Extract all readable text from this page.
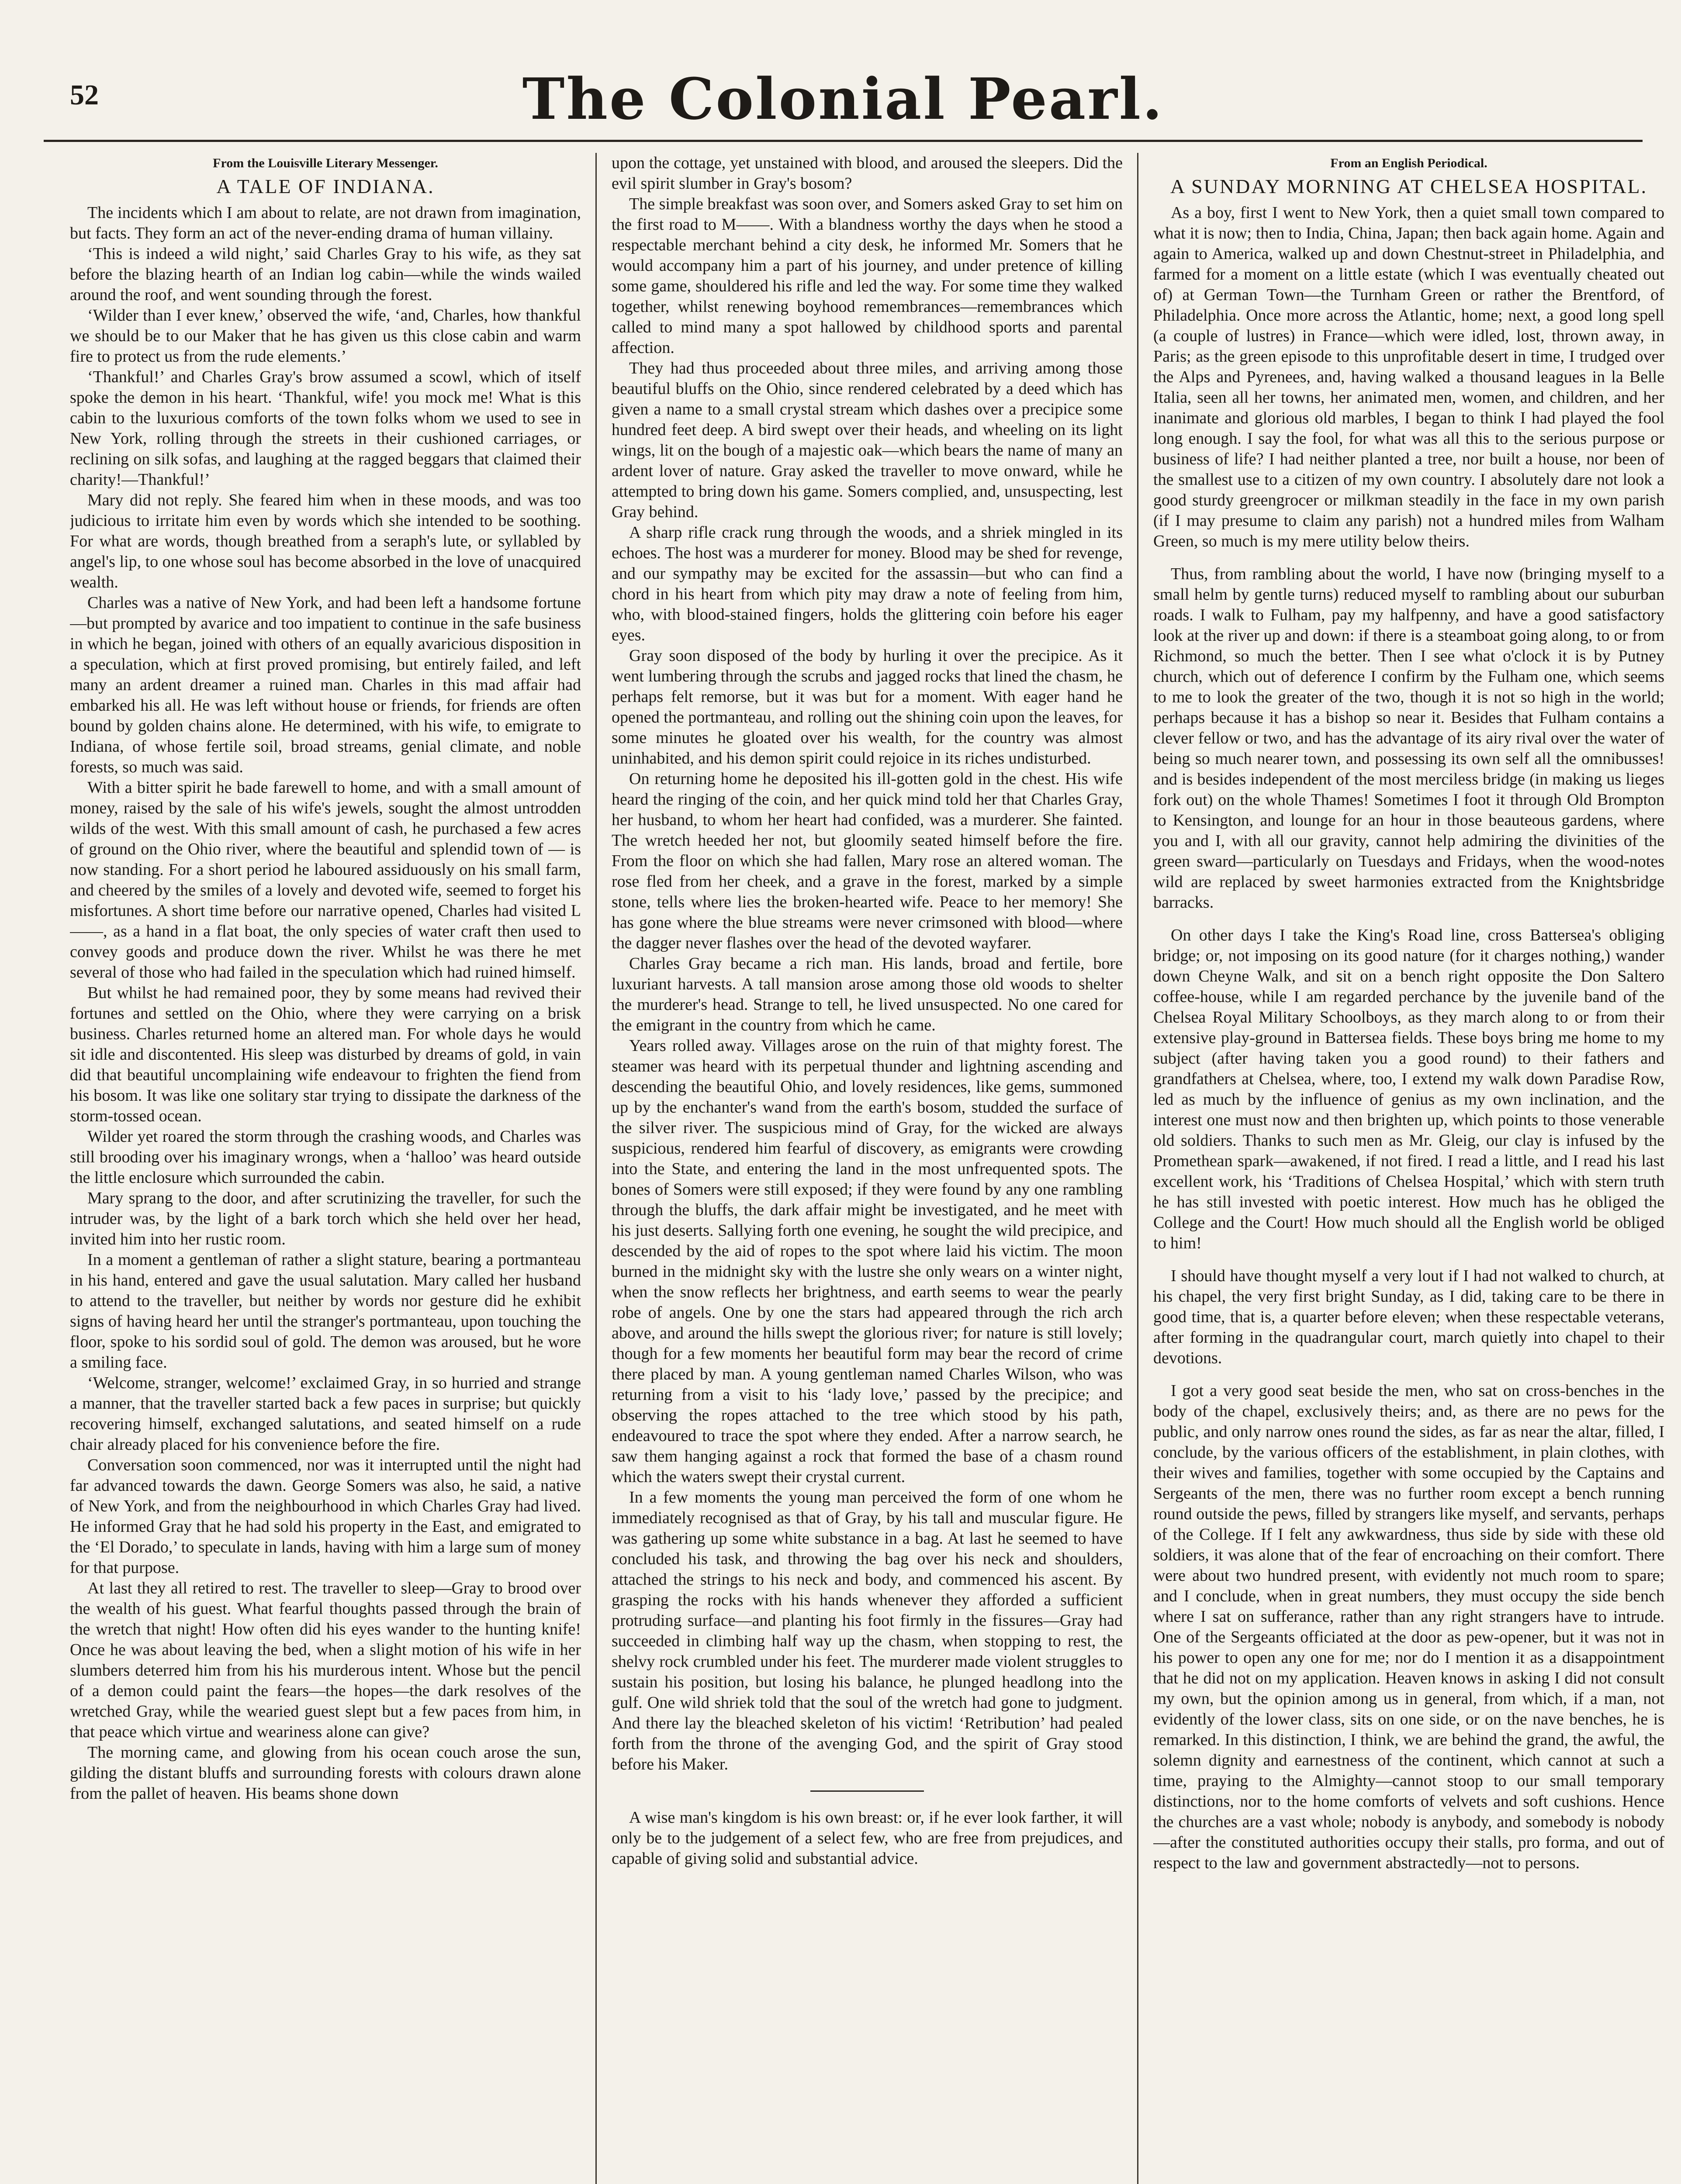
52	The Colonial Pearl.
From the Louisville Literary Messenger.
A TALE OF INDIANA.

The incidents which I am about to relate, are not drawn from imagination, but facts. They form an act of the never-ending drama of human villainy.

‘This is indeed a wild night,’ said Charles Gray to his wife, as they sat before the blazing hearth of an Indian log cabin—while the winds wailed around the roof, and went sounding through the forest.

‘Wilder than I ever knew,’ observed the wife, ‘and, Charles, how thankful we should be to our Maker that he has given us this close cabin and warm fire to protect us from the rude elements.’

‘Thankful!’ and Charles Gray's brow assumed a scowl, which of itself spoke the demon in his heart. ‘Thankful, wife! you mock me! What is this cabin to the luxurious comforts of the town folks whom we used to see in New York, rolling through the streets in their cushioned carriages, or reclining on silk sofas, and laughing at the ragged beggars that claimed their charity!—Thankful!’

Mary did not reply. She feared him when in these moods, and was too judicious to irritate him even by words which she intended to be soothing. For what are words, though breathed from a seraph's lute, or syllabled by angel's lip, to one whose soul has become absorbed in the love of unacquired wealth.

Charles was a native of New York, and had been left a handsome fortune—but prompted by avarice and too impatient to continue in the safe business in which he began, joined with others of an equally avaricious disposition in a speculation, which at first proved promising, but entirely failed, and left many an ardent dreamer a ruined man. Charles in this mad affair had embarked his all. He was left without house or friends, for friends are often bound by golden chains alone. He determined, with his wife, to emigrate to Indiana, of whose fertile soil, broad streams, genial climate, and noble forests, so much was said.

With a bitter spirit he bade farewell to home, and with a small amount of money, raised by the sale of his wife's jewels, sought the almost untrodden wilds of the west. With this small amount of cash, he purchased a few acres of ground on the Ohio river, where the beautiful and splendid town of — is now standing. For a short period he laboured assiduously on his small farm, and cheered by the smiles of a lovely and devoted wife, seemed to forget his misfortunes. A short time before our narrative opened, Charles had visited L——, as a hand in a flat boat, the only species of water craft then used to convey goods and produce down the river. Whilst he was there he met several of those who had failed in the speculation which had ruined himself.

But whilst he had remained poor, they by some means had revived their fortunes and settled on the Ohio, where they were carrying on a brisk business. Charles returned home an altered man. For whole days he would sit idle and discontented. His sleep was disturbed by dreams of gold, in vain did that beautiful uncomplaining wife endeavour to frighten the fiend from his bosom. It was like one solitary star trying to dissipate the darkness of the storm-tossed ocean.

Wilder yet roared the storm through the crashing woods, and Charles was still brooding over his imaginary wrongs, when a ‘halloo’ was heard outside the little enclosure which surrounded the cabin.

Mary sprang to the door, and after scrutinizing the traveller, for such the intruder was, by the light of a bark torch which she held over her head, invited him into her rustic room.

In a moment a gentleman of rather a slight stature, bearing a portmanteau in his hand, entered and gave the usual salutation. Mary called her husband to attend to the traveller, but neither by words nor gesture did he exhibit signs of having heard her until the stranger's portmanteau, upon touching the floor, spoke to his sordid soul of gold. The demon was aroused, but he wore a smiling face.

‘Welcome, stranger, welcome!’ exclaimed Gray, in so hurried and strange a manner, that the traveller started back a few paces in surprise; but quickly recovering himself, exchanged salutations, and seated himself on a rude chair already placed for his convenience before the fire.

Conversation soon commenced, nor was it interrupted until the night had far advanced towards the dawn. George Somers was also, he said, a native of New York, and from the neighbourhood in which Charles Gray had lived. He informed Gray that he had sold his property in the East, and emigrated to the ‘El Dorado,’ to speculate in lands, having with him a large sum of money for that purpose.

At last they all retired to rest. The traveller to sleep—Gray to brood over the wealth of his guest. What fearful thoughts passed through the brain of the wretch that night! How often did his eyes wander to the hunting knife! Once he was about leaving the bed, when a slight motion of his wife in her slumbers deterred him from his his murderous intent. Whose but the pencil of a demon could paint the fears—the hopes—the dark resolves of the wretched Gray, while the wearied guest slept but a few paces from him, in that peace which virtue and weariness alone can give?

The morning came, and glowing from his ocean couch arose the sun, gilding the distant bluffs and surrounding forests with colours drawn alone from the pallet of heaven. His beams shone down

upon the cottage, yet unstained with blood, and aroused the sleepers. Did the evil spirit slumber in Gray's bosom?

The simple breakfast was soon over, and Somers asked Gray to set him on the first road to M——. With a blandness worthy the days when he stood a respectable merchant behind a city desk, he informed Mr. Somers that he would accompany him a part of his journey, and under pretence of killing some game, shouldered his rifle and led the way. For some time they walked together, whilst renewing boyhood remembrances—remembrances which called to mind many a spot hallowed by childhood sports and parental affection.

They had thus proceeded about three miles, and arriving among those beautiful bluffs on the Ohio, since rendered celebrated by a deed which has given a name to a small crystal stream which dashes over a precipice some hundred feet deep. A bird swept over their heads, and wheeling on its light wings, lit on the bough of a majestic oak—which bears the name of many an ardent lover of nature. Gray asked the traveller to move onward, while he attempted to bring down his game. Somers complied, and, unsuspecting, lest Gray behind.

A sharp rifle crack rung through the woods, and a shriek mingled in its echoes. The host was a murderer for money. Blood may be shed for revenge, and our sympathy may be excited for the assassin—but who can find a chord in his heart from which pity may draw a note of feeling from him, who, with blood-stained fingers, holds the glittering coin before his eager eyes.

Gray soon disposed of the body by hurling it over the precipice. As it went lumbering through the scrubs and jagged rocks that lined the chasm, he perhaps felt remorse, but it was but for a moment. With eager hand he opened the portmanteau, and rolling out the shining coin upon the leaves, for some minutes he gloated over his wealth, for the country was almost uninhabited, and his demon spirit could rejoice in its riches undisturbed.

On returning home he deposited his ill-gotten gold in the chest. His wife heard the ringing of the coin, and her quick mind told her that Charles Gray, her husband, to whom her heart had confided, was a murderer. She fainted. The wretch heeded her not, but gloomily seated himself before the fire. From the floor on which she had fallen, Mary rose an altered woman. The rose fled from her cheek, and a grave in the forest, marked by a simple stone, tells where lies the broken-hearted wife. Peace to her memory! She has gone where the blue streams were never crimsoned with blood—where the dagger never flashes over the head of the devoted wayfarer.

Charles Gray became a rich man. His lands, broad and fertile, bore luxuriant harvests. A tall mansion arose among those old woods to shelter the murderer's head. Strange to tell, he lived unsuspected. No one cared for the emigrant in the country from which he came.

Years rolled away. Villages arose on the ruin of that mighty forest. The steamer was heard with its perpetual thunder and lightning ascending and descending the beautiful Ohio, and lovely residences, like gems, summoned up by the enchanter's wand from the earth's bosom, studded the surface of the silver river. The suspicious mind of Gray, for the wicked are always suspicious, rendered him fearful of discovery, as emigrants were crowding into the State, and entering the land in the most unfrequented spots. The bones of Somers were still exposed; if they were found by any one rambling through the bluffs, the dark affair might be investigated, and he meet with his just deserts. Sallying forth one evening, he sought the wild precipice, and descended by the aid of ropes to the spot where laid his victim. The moon burned in the midnight sky with the lustre she only wears on a winter night, when the snow reflects her brightness, and earth seems to wear the pearly robe of angels. One by one the stars had appeared through the rich arch above, and around the hills swept the glorious river; for nature is still lovely; though for a few moments her beautiful form may bear the record of crime there placed by man. A young gentleman named Charles Wilson, who was returning from a visit to his ‘lady love,’ passed by the precipice; and observing the ropes attached to the tree which stood by his path, endeavoured to trace the spot where they ended. After a narrow search, he saw them hanging against a rock that formed the base of a chasm round which the waters swept their crystal current.

In a few moments the young man perceived the form of one whom he immediately recognised as that of Gray, by his tall and muscular figure. He was gathering up some white substance in a bag. At last he seemed to have concluded his task, and throwing the bag over his neck and shoulders, attached the strings to his neck and body, and commenced his ascent. By grasping the rocks with his hands whenever they afforded a sufficient protruding surface—and planting his foot firmly in the fissures—Gray had succeeded in climbing half way up the chasm, when stopping to rest, the shelvy rock crumbled under his feet. The murderer made violent struggles to sustain his position, but losing his balance, he plunged headlong into the gulf. One wild shriek told that the soul of the wretch had gone to judgment. And there lay the bleached skeleton of his victim! ‘Retribution’ had pealed forth from the throne of the avenging God, and the spirit of Gray stood before his Maker.

A wise man's kingdom is his own breast: or, if he ever look farther, it will only be to the judgement of a select few, who are free from prejudices, and capable of giving solid and substantial advice.

From an English Periodical.
A SUNDAY MORNING AT CHELSEA HOSPITAL.

As a boy, first I went to New York, then a quiet small town compared to what it is now; then to India, China, Japan; then back again home. Again and again to America, walked up and down Chestnut-street in Philadelphia, and farmed for a moment on a little estate (which I was eventually cheated out of) at German Town—the Turnham Green or rather the Brentford, of Philadelphia. Once more across the Atlantic, home; next, a good long spell (a couple of lustres) in France—which were idled, lost, thrown away, in Paris; as the green episode to this unprofitable desert in time, I trudged over the Alps and Pyrenees, and, having walked a thousand leagues in la Belle Italia, seen all her towns, her animated men, women, and children, and her inanimate and glorious old marbles, I began to think I had played the fool long enough. I say the fool, for what was all this to the serious purpose or business of life? I had neither planted a tree, nor built a house, nor been of the smallest use to a citizen of my own country. I absolutely dare not look a good sturdy greengrocer or milkman steadily in the face in my own parish (if I may presume to claim any parish) not a hundred miles from Walham Green, so much is my mere utility below theirs.

Thus, from rambling about the world, I have now (bringing myself to a small helm by gentle turns) reduced myself to rambling about our suburban roads. I walk to Fulham, pay my halfpenny, and have a good satisfactory look at the river up and down: if there is a steamboat going along, to or from Richmond, so much the better. Then I see what o'clock it is by Putney church, which out of deference I confirm by the Fulham one, which seems to me to look the greater of the two, though it is not so high in the world; perhaps because it has a bishop so near it. Besides that Fulham contains a clever fellow or two, and has the advantage of its airy rival over the water of being so much nearer town, and possessing its own self all the omnibusses! and is besides independent of the most merciless bridge (in making us lieges fork out) on the whole Thames! Sometimes I foot it through Old Brompton to Kensington, and lounge for an hour in those beauteous gardens, where you and I, with all our gravity, cannot help admiring the divinities of the green sward—particularly on Tuesdays and Fridays, when the wood-notes wild are replaced by sweet harmonies extracted from the Knightsbridge barracks.

On other days I take the King's Road line, cross Battersea's obliging bridge; or, not imposing on its good nature (for it charges nothing,) wander down Cheyne Walk, and sit on a bench right opposite the Don Saltero coffee-house, while I am regarded perchance by the juvenile band of the Chelsea Royal Military Schoolboys, as they march along to or from their extensive play-ground in Battersea fields. These boys bring me home to my subject (after having taken you a good round) to their fathers and grandfathers at Chelsea, where, too, I extend my walk down Paradise Row, led as much by the influence of genius as my own inclination, and the interest one must now and then brighten up, which points to those venerable old soldiers. Thanks to such men as Mr. Gleig, our clay is infused by the Promethean spark—awakened, if not fired. I read a little, and I read his last excellent work, his ‘Traditions of Chelsea Hospital,’ which with stern truth he has still invested with poetic interest. How much has he obliged the College and the Court! How much should all the English world be obliged to him!

I should have thought myself a very lout if I had not walked to church, at his chapel, the very first bright Sunday, as I did, taking care to be there in good time, that is, a quarter before eleven; when these respectable veterans, after forming in the quadrangular court, march quietly into chapel to their devotions.

I got a very good seat beside the men, who sat on cross-benches in the body of the chapel, exclusively theirs; and, as there are no pews for the public, and only narrow ones round the sides, as far as near the altar, filled, I conclude, by the various officers of the establishment, in plain clothes, with their wives and families, together with some occupied by the Captains and Sergeants of the men, there was no further room except a bench running round outside the pews, filled by strangers like myself, and servants, perhaps of the College. If I felt any awkwardness, thus side by side with these old soldiers, it was alone that of the fear of encroaching on their comfort. There were about two hundred present, with evidently not much room to spare; and I conclude, when in great numbers, they must occupy the side bench where I sat on sufferance, rather than any right strangers have to intrude. One of the Sergeants officiated at the door as pew-opener, but it was not in his power to open any one for me; nor do I mention it as a disappointment that he did not on my application. Heaven knows in asking I did not consult my own, but the opinion among us in general, from which, if a man, not evidently of the lower class, sits on one side, or on the nave benches, he is remarked. In this distinction, I think, we are behind the grand, the awful, the solemn dignity and earnestness of the continent, which cannot at such a time, praying to the Almighty—cannot stoop to our small temporary distinctions, nor to the home comforts of velvets and soft cushions. Hence the churches are a vast whole; nobody is anybody, and somebody is nobody—after the constituted authorities occupy their stalls, pro forma, and out of respect to the law and government abstractedly—not to persons.
